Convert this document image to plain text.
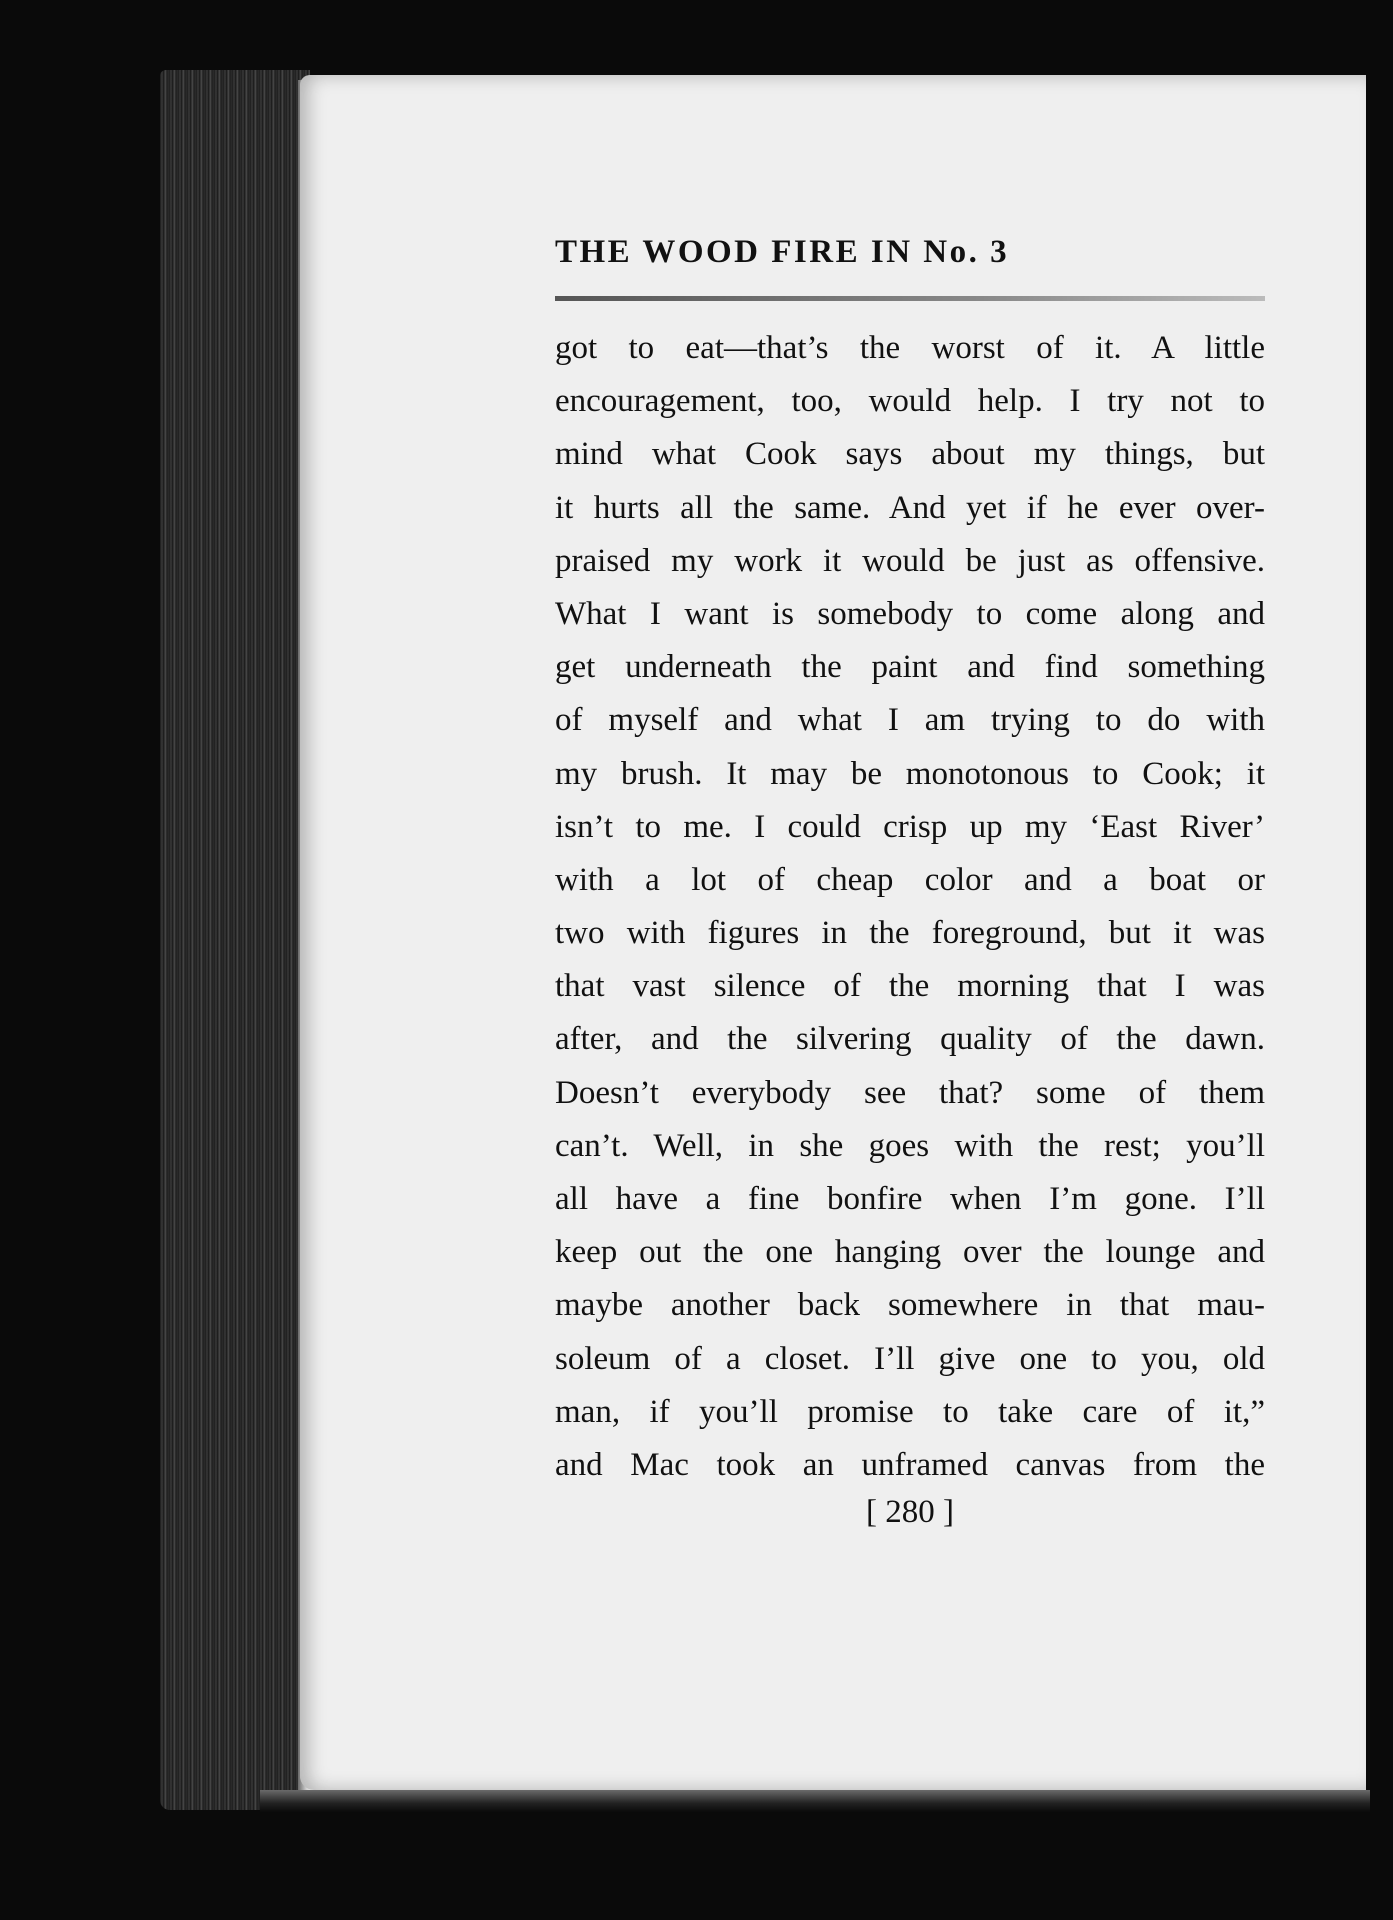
THE WOOD FIRE IN No. 3
got to eat—that’s the worst of it. A little
encouragement, too, would help. I try not to
mind what Cook says about my things, but
it hurts all the same. And yet if he ever over-
praised my work it would be just as offensive.
What I want is somebody to come along and
get underneath the paint and find something
of myself and what I am trying to do with
my brush. It may be monotonous to Cook; it
isn’t to me. I could crisp up my ‘East River’
with a lot of cheap color and a boat or
two with figures in the foreground, but it was
that vast silence of the morning that I was
after, and the silvering quality of the dawn.
Doesn’t everybody see that? some of them
can’t. Well, in she goes with the rest; you’ll
all have a fine bonfire when I’m gone. I’ll
keep out the one hanging over the lounge and
maybe another back somewhere in that mau-
soleum of a closet. I’ll give one to you, old
man, if you’ll promise to take care of it,”
and Mac took an unframed canvas from the
[ 280 ]
